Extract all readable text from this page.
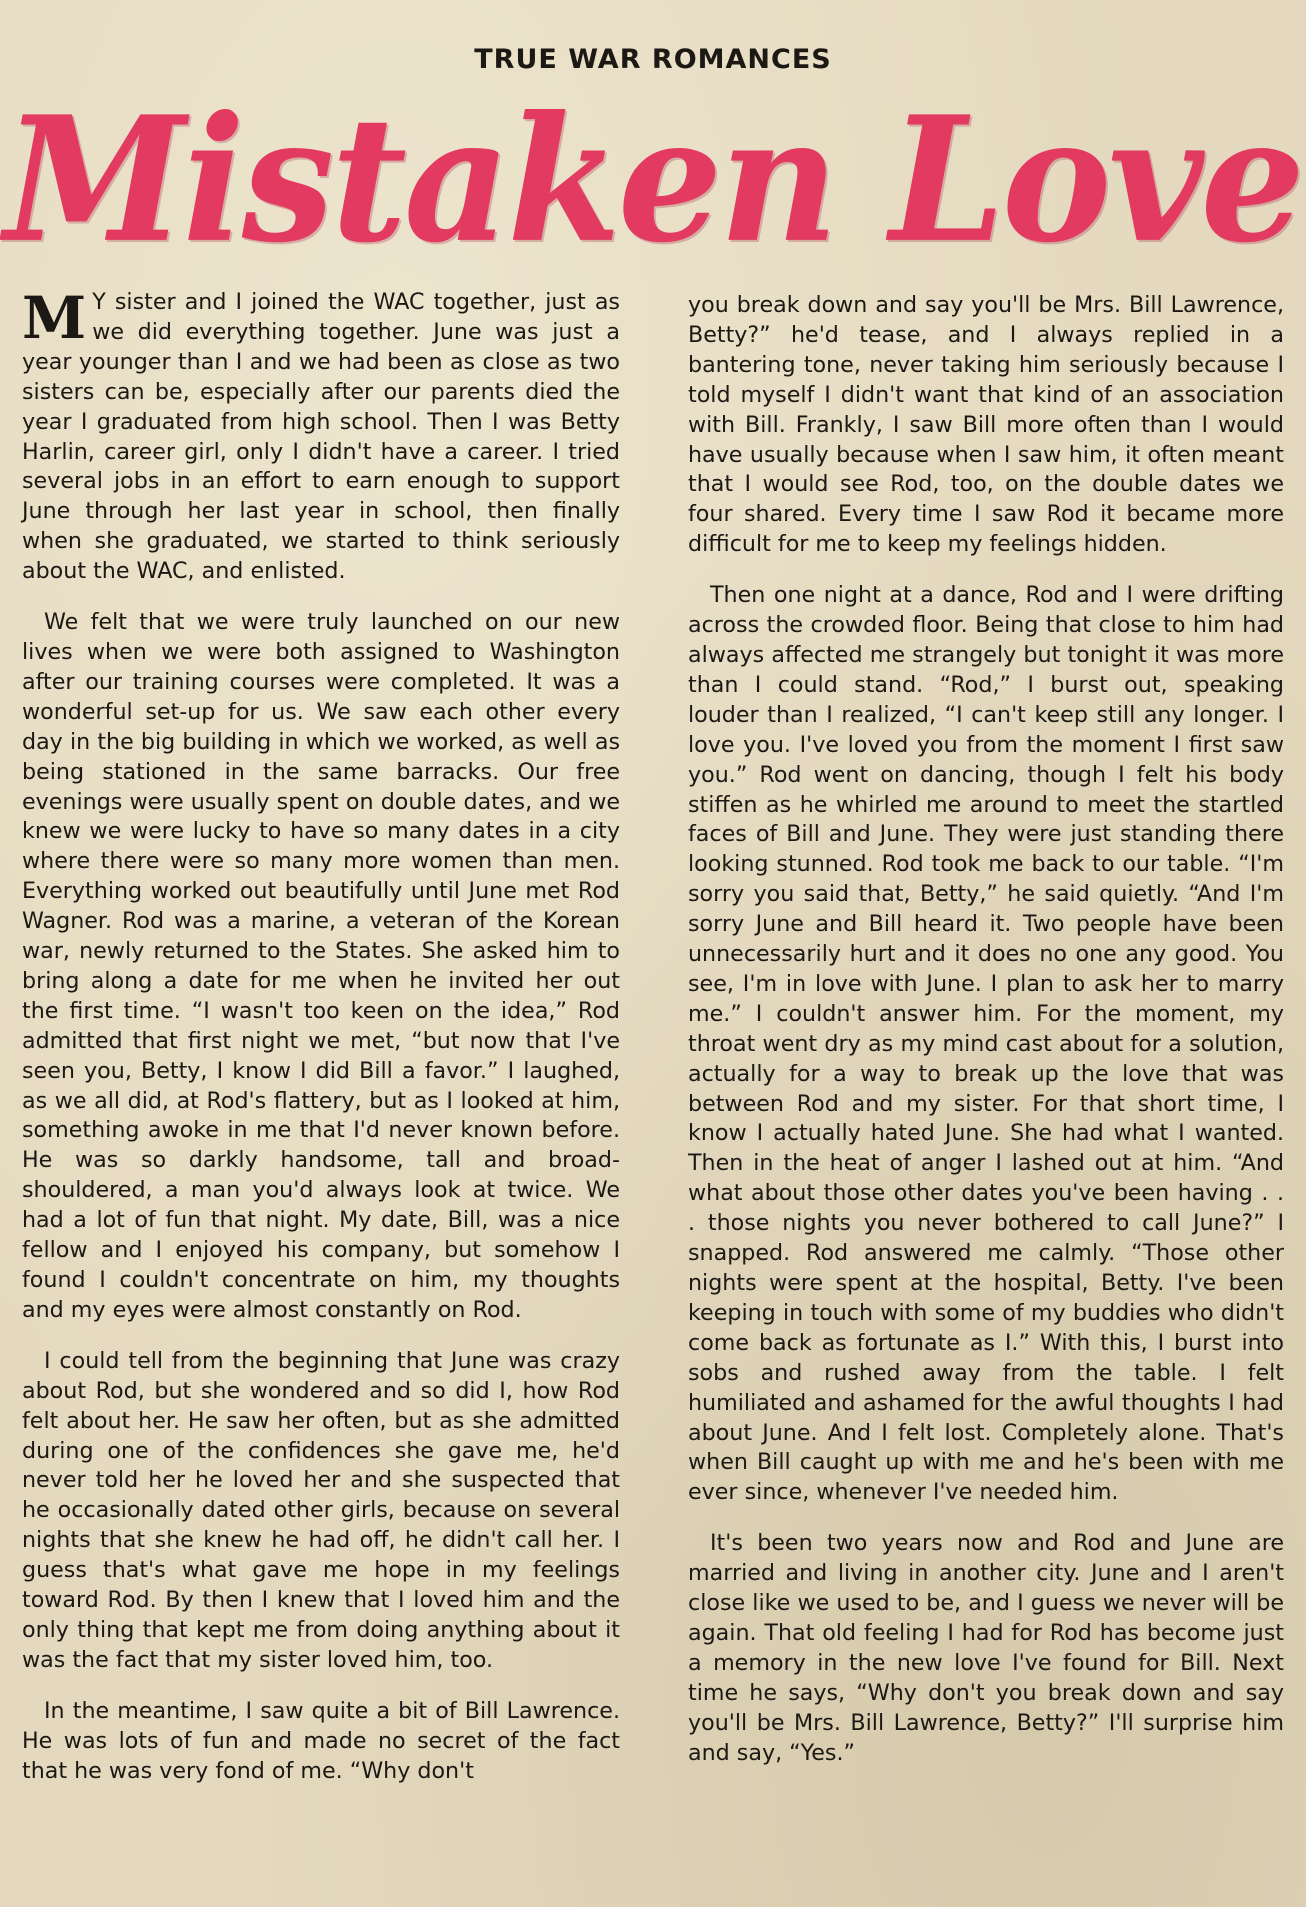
TRUE WAR ROMANCES
Mistaken Love

M Y sister and I joined the WAC together, just as we did everything together. June was just a year younger than I and we had been as close as two sisters can be, especially after our parents died the year I graduated from high school. Then I was Betty Harlin, career girl, only I didn't have a career. I tried several jobs in an effort to earn enough to support June through her last year in school, then finally when she graduated, we started to think seriously about the WAC, and enlisted.

We felt that we were truly launched on our new lives when we were both assigned to Washington after our training courses were completed. It was a wonderful set-up for us. We saw each other every day in the big building in which we worked, as well as being stationed in the same barracks. Our free evenings were usually spent on double dates, and we knew we were lucky to have so many dates in a city where there were so many more women than men. Everything worked out beautifully until June met Rod Wagner. Rod was a marine, a veteran of the Korean war, newly returned to the States. She asked him to bring along a date for me when he invited her out the first time. “I wasn't too keen on the idea,” Rod admitted that first night we met, “but now that I've seen you, Betty, I know I did Bill a favor.” I laughed, as we all did, at Rod's flattery, but as I looked at him, something awoke in me that I'd never known before. He was so darkly handsome, tall and broad-shouldered, a man you'd always look at twice. We had a lot of fun that night. My date, Bill, was a nice fellow and I enjoyed his company, but somehow I found I couldn't concentrate on him, my thoughts and my eyes were almost constantly on Rod.

I could tell from the beginning that June was crazy about Rod, but she wondered and so did I, how Rod felt about her. He saw her often, but as she admitted during one of the confidences she gave me, he'd never told her he loved her and she suspected that he occasionally dated other girls, because on several nights that she knew he had off, he didn't call her. I guess that's what gave me hope in my feelings toward Rod. By then I knew that I loved him and the only thing that kept me from doing anything about it was the fact that my sister loved him, too.

In the meantime, I saw quite a bit of Bill Lawrence. He was lots of fun and made no secret of the fact that he was very fond of me. “Why don't

you break down and say you'll be Mrs. Bill Lawrence, Betty?” he'd tease, and I always replied in a bantering tone, never taking him seriously because I told myself I didn't want that kind of an association with Bill. Frankly, I saw Bill more often than I would have usually because when I saw him, it often meant that I would see Rod, too, on the double dates we four shared. Every time I saw Rod it became more difficult for me to keep my feelings hidden.

Then one night at a dance, Rod and I were drifting across the crowded floor. Being that close to him had always affected me strangely but tonight it was more than I could stand. “Rod,” I burst out, speaking louder than I realized, “I can't keep still any longer. I love you. I've loved you from the moment I first saw you.” Rod went on dancing, though I felt his body stiffen as he whirled me around to meet the startled faces of Bill and June. They were just standing there looking stunned. Rod took me back to our table. “I'm sorry you said that, Betty,” he said quietly. “And I'm sorry June and Bill heard it. Two people have been unnecessarily hurt and it does no one any good. You see, I'm in love with June. I plan to ask her to marry me.” I couldn't answer him. For the moment, my throat went dry as my mind cast about for a solution, actually for a way to break up the love that was between Rod and my sister. For that short time, I know I actually hated June. She had what I wanted. Then in the heat of anger I lashed out at him. “And what about those other dates you've been having . . . those nights you never bothered to call June?” I snapped. Rod answered me calmly. “Those other nights were spent at the hospital, Betty. I've been keeping in touch with some of my buddies who didn't come back as fortunate as I.” With this, I burst into sobs and rushed away from the table. I felt humiliated and ashamed for the awful thoughts I had about June. And I felt lost. Completely alone. That's when Bill caught up with me and he's been with me ever since, whenever I've needed him.

It's been two years now and Rod and June are married and living in another city. June and I aren't close like we used to be, and I guess we never will be again. That old feeling I had for Rod has become just a memory in the new love I've found for Bill. Next time he says, “Why don't you break down and say you'll be Mrs. Bill Lawrence, Betty?” I'll surprise him and say, “Yes.”
